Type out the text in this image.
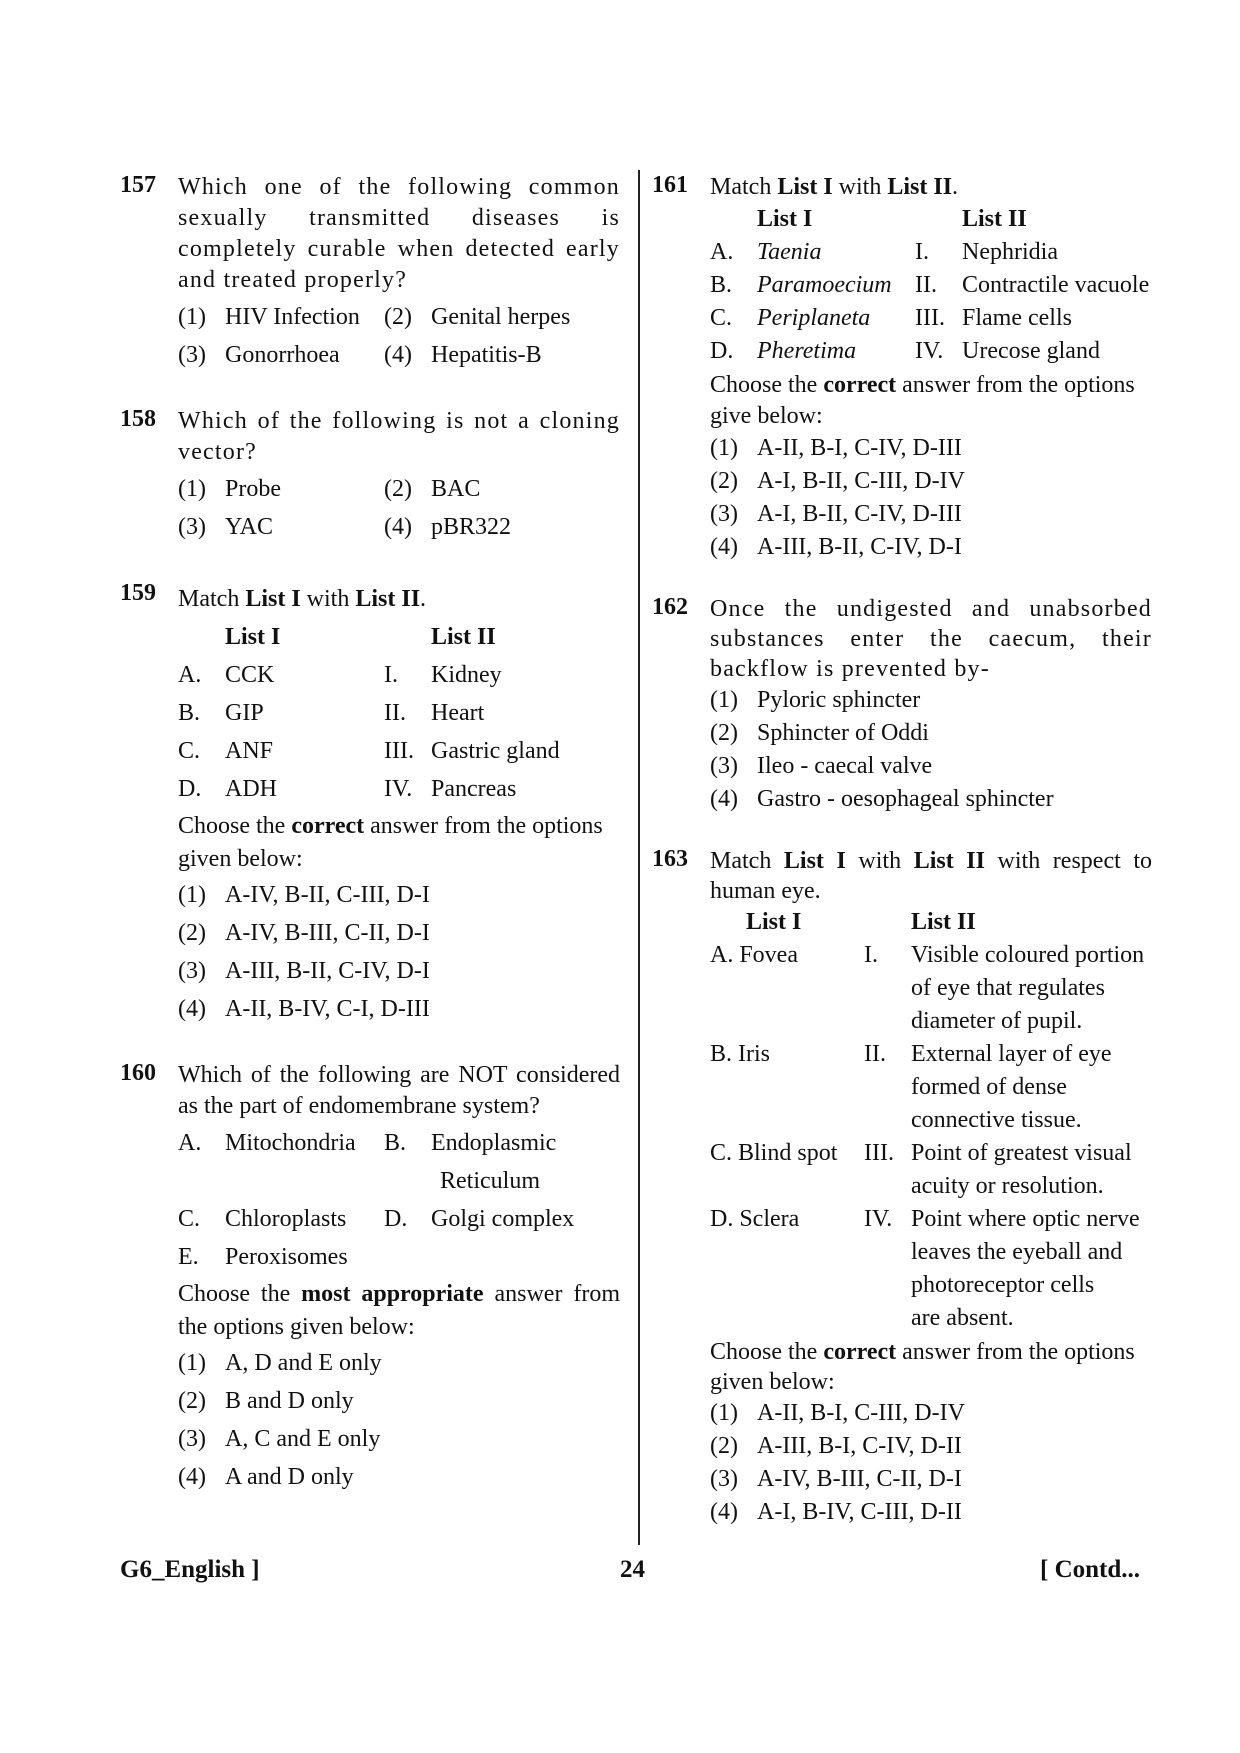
157 Which one of the following common sexually transmitted diseases is completely curable when detected early and treated properly?
(1) HIV Infection	(2) Genital herpes
(3) Gonorrhoea	(4) Hepatitis-B
158 Which of the following is not a cloning vector?
(1) Probe	(2) BAC
(3) YAC	(4) pBR322
159 Match List I with List II.
List I	List II
A. CCK	I.	Kidney
B.	GIP	II.	Heart
C.	ANF	III. Gastric gland
D. ADH	IV. Pancreas
Choose the correct answer from the options given below:
(1) A-IV, B-II, C-III, D-I
(2) A-IV, B-III, C-II, D-I
(3) A-III, B-II, C-IV, D-I
(4) A-II, B-IV, C-I, D-III
160 Which of the following are NOT considered as the part of endomembrane system?
A. Mitochondria	B. Endoplasmic
Reticulum
C. Chloroplasts	D. Golgi complex
E. Peroxisomes
Choose the most appropriate answer from the options given below:
(1) A, D and E only
(2) B and D only
(3) A, C and E only
(4) A and D only
161 Match List I with List II.
List I	List II
A. Taenia	I.	Nephridia
B.	Paramoecium II.	Contractile vacuole
C.	Periplaneta	III. Flame cells
D. Pheretima	IV. Urecose gland
Choose the correct answer from the options give below:
(1) A-II, B-I, C-IV, D-III
(2) A-I, B-II, C-III, D-IV
(3) A-I, B-II, C-IV, D-III
(4) A-III, B-II, C-IV, D-I
162 Once the undigested and unabsorbed substances enter the caecum, their backflow is prevented by-
(1) Pyloric sphincter
(2) Sphincter of Oddi
(3) Ileo - caecal valve
(4) Gastro - oesophageal sphincter
163 Match List I with List II with respect to human eye.
List I	List II
A. Fovea	I.	Visible coloured portion
of eye that regulates
diameter of pupil.
B. Iris	II.	External layer of eye
formed of dense
connective tissue.
C. Blind spot	III. Point of greatest visual
acuity or resolution.
D. Sclera	IV. Point where optic nerve
leaves the eyeball and
photoreceptor cells
are absent.
Choose the correct answer from the options given below:
(1) A-II, B-I, C-III, D-IV
(2) A-III, B-I, C-IV, D-II
(3) A-IV, B-III, C-II, D-I
(4) A-I, B-IV, C-III, D-II
G6_English ]	24	[ Contd...
